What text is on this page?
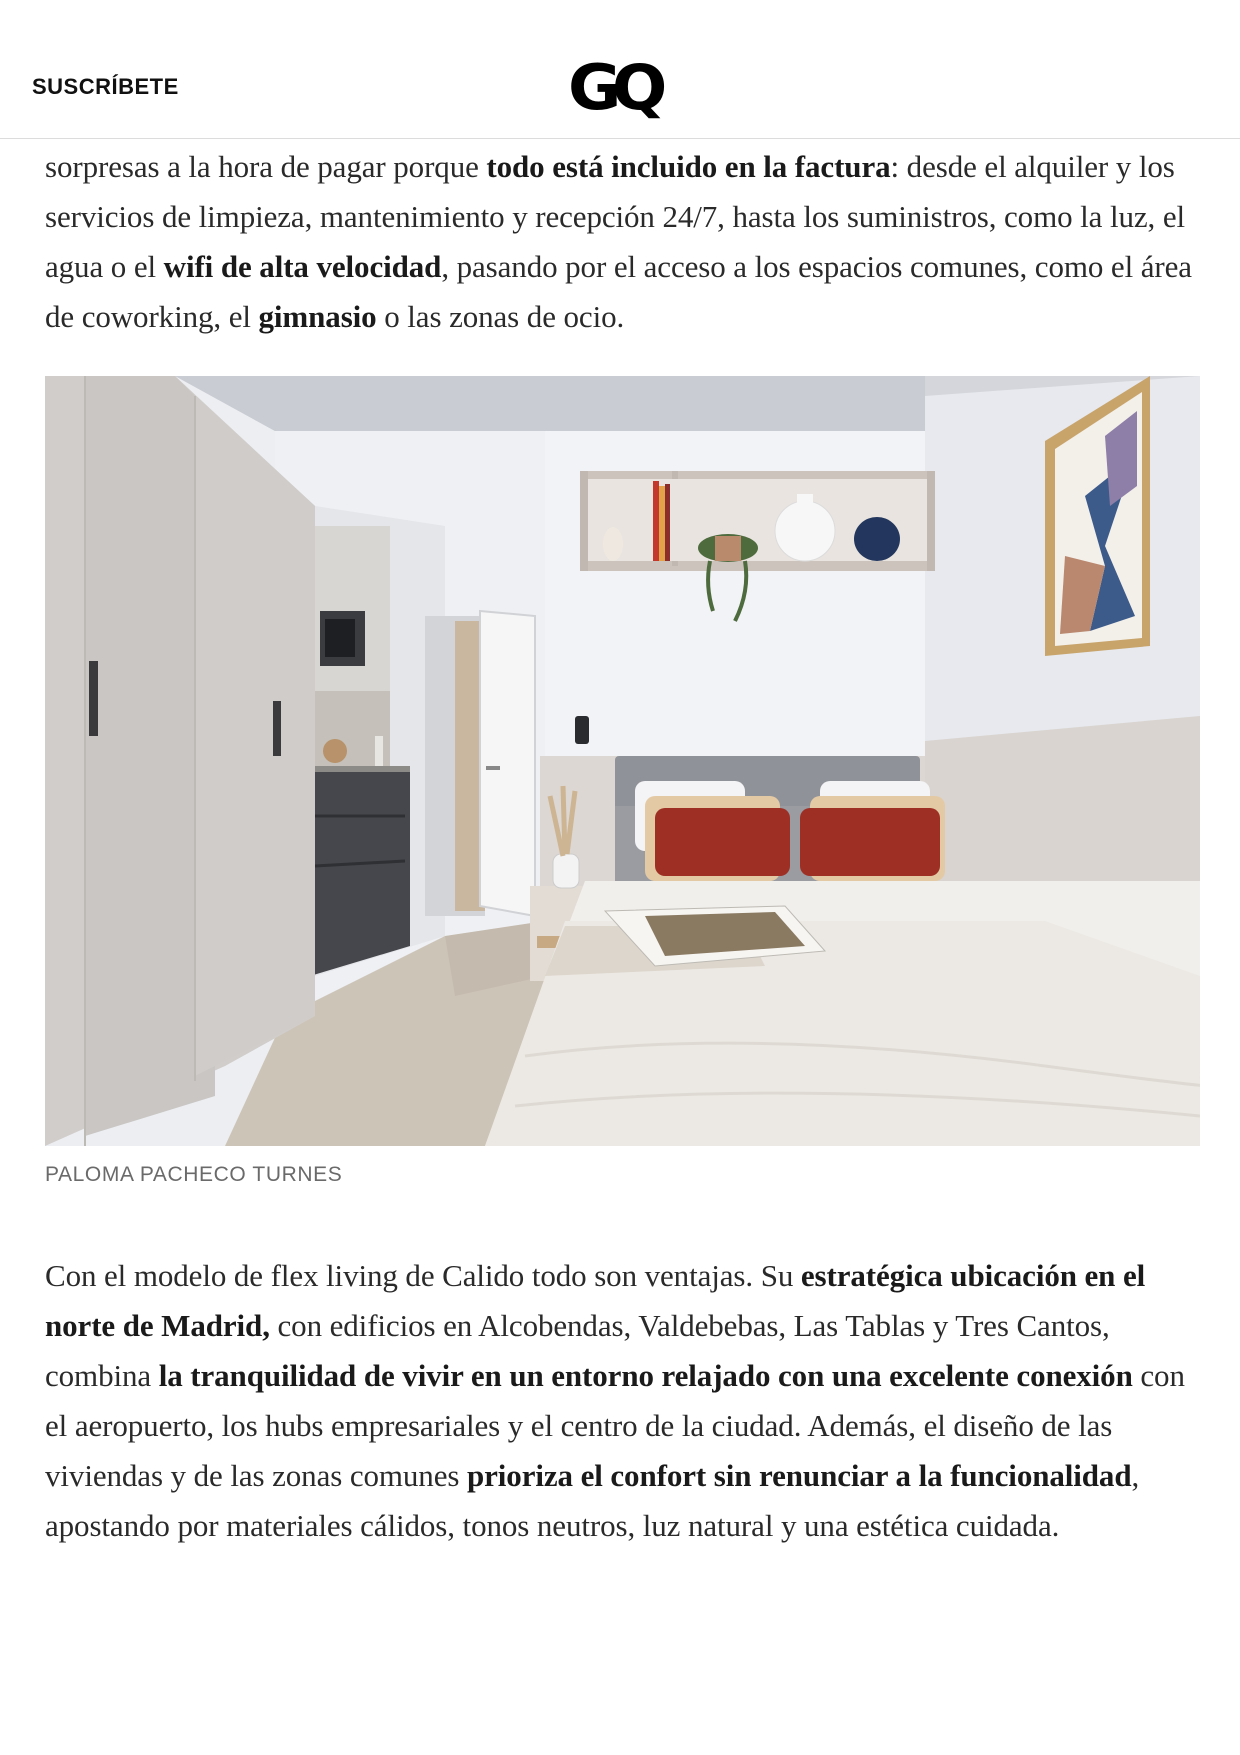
SUSCRÍBETE	GQ

sorpresas a la hora de pagar porque todo está incluido en la factura: desde el alquiler y los servicios de limpieza, mantenimiento y recepción 24/7, hasta los suministros, como la luz, el agua o el wifi de alta velocidad, pasando por el acceso a los espacios comunes, como el área de coworking, el gimnasio o las zonas de ocio.

PALOMA PACHECO TURNES

Con el modelo de flex living de Calido todo son ventajas. Su estratégica ubicación en el norte de Madrid, con edificios en Alcobendas, Valdebebas, Las Tablas y Tres Cantos, combina la tranquilidad de vivir en un entorno relajado con una excelente conexión con el aeropuerto, los hubs empresariales y el centro de la ciudad. Además, el diseño de las viviendas y de las zonas comunes prioriza el confort sin renunciar a la funcionalidad, apostando por materiales cálidos, tonos neutros, luz natural y una estética cuidada.
